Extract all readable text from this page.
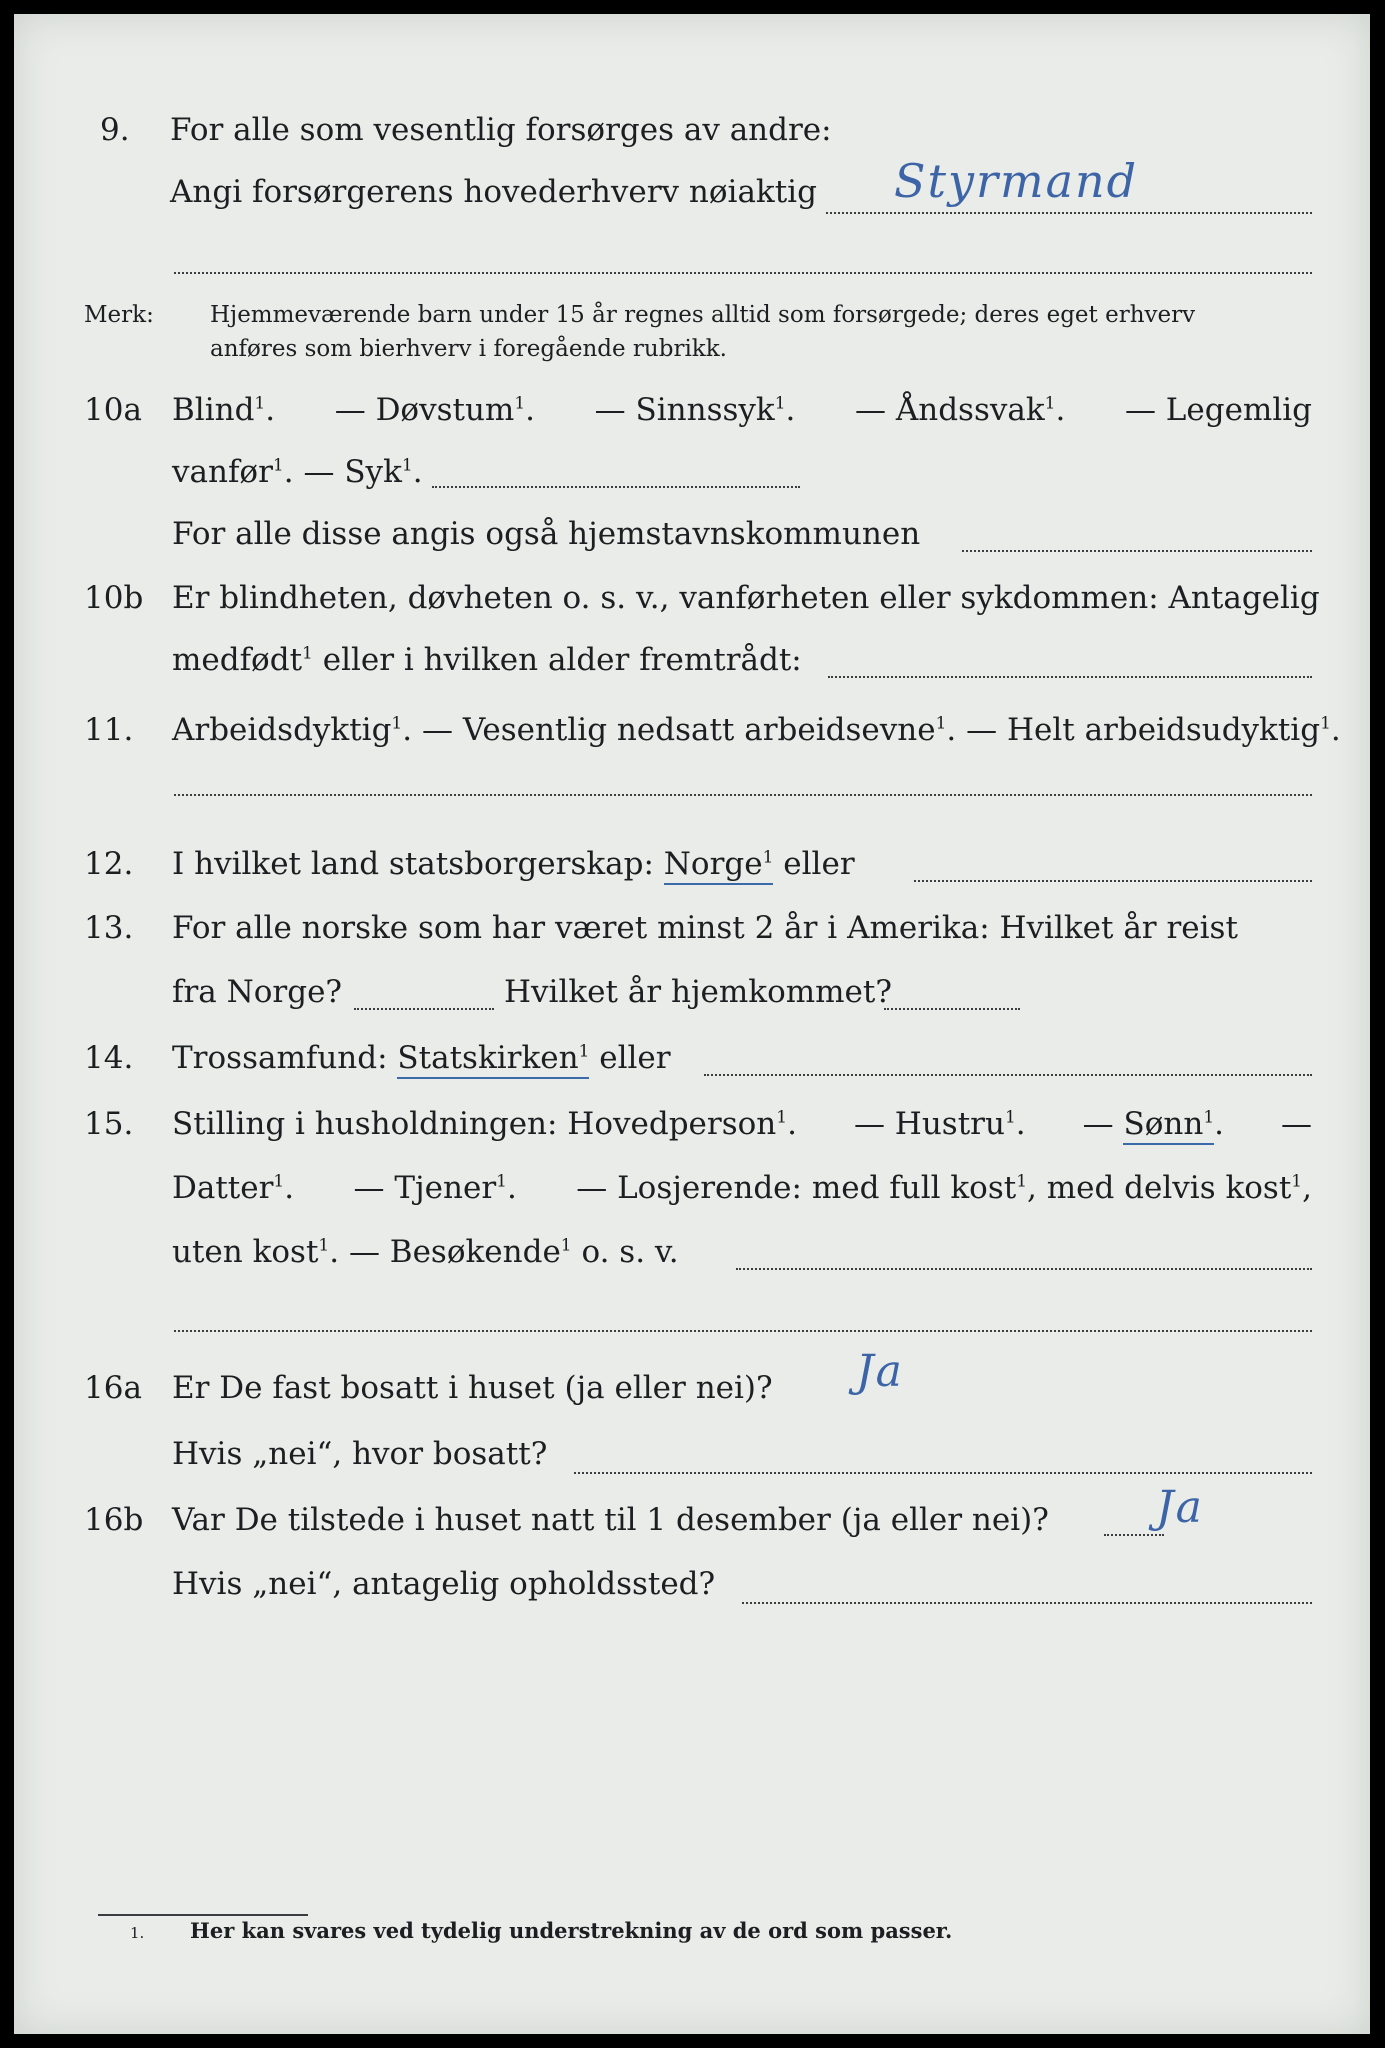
9. For alle som vesentlig forsørges av andre:
Angi forsørgerens hovederhverv nøiaktig Styrmand
Merk: Hjemmeværende barn under 15 år regnes alltid som forsørgede; deres eget erhverv
anføres som bierhverv i foregående rubrikk.
10a Blind$^1$. — Døvstum$^1$. — Sinnssyk$^1$. — Åndssvak$^1$. — Legemlig
vanfør$^1$. — Syk$^1$.
For alle disse angis også hjemstavnskommunen
10b Er blindheten, døvheten o. s. v., vanførheten eller sykdommen: Antagelig
medfødt$^1$ eller i hvilken alder fremtrådt:
11. Arbeidsdyktig$^1$. — Vesentlig nedsatt arbeidsevne$^1$. — Helt arbeidsudyktig$^1$.
12. I hvilket land statsborgerskap: Norge$^1$ eller
13. For alle norske som har været minst 2 år i Amerika: Hvilket år reist
fra Norge?	Hvilket år hjemkommet?
14. Trossamfund: Statskirken$^1$ eller
15. Stilling i husholdningen: Hovedperson$^1$. — Hustru$^1$. — Sønn$^1$. —
Datter$^1$. — Tjener$^1$. — Losjerende: med full kost$^1$, med delvis kost$^1$,
uten kost$^1$. — Besøkende$^1$ o. s. v.
16a Er De fast bosatt i huset (ja eller nei)? Ja
Hvis „nei“, hvor bosatt?
16b Var De tilstede i huset natt til 1 desember (ja eller nei)? Ja
Hvis „nei“, antagelig opholdssted?
1. Her kan svares ved tydelig understrekning av de ord som passer.
